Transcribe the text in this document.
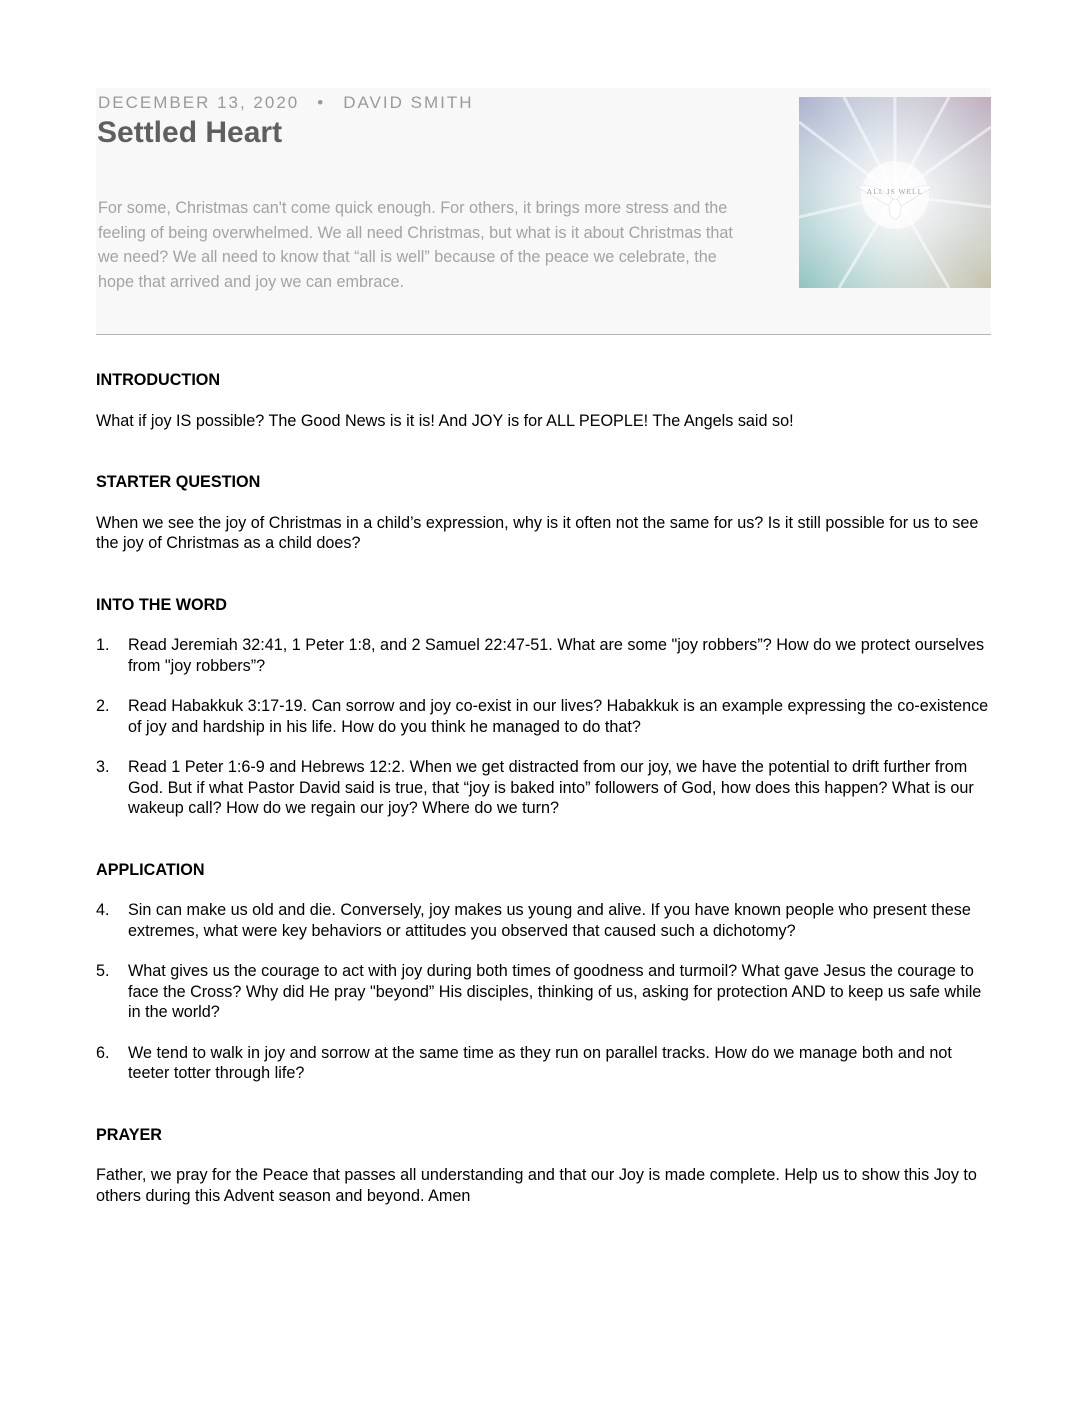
DECEMBER 13, 2020 • DAVID SMITH
Settled Heart

For some, Christmas can't come quick enough. For others, it brings more stress and the feeling of being overwhelmed. We all need Christmas, but what is it about Christmas that we need? We all need to know that “all is well” because of the peace we celebrate, the hope that arrived and joy we can embrace.

ALL IS WELL
INTRODUCTION

What if joy IS possible? The Good News is it is! And JOY is for ALL PEOPLE! The Angels said so!

STARTER QUESTION

When we see the joy of Christmas in a child’s expression, why is it often not the same for us? Is it still possible for us to see the joy of Christmas as a child does?

INTO THE WORD
1. Read Jeremiah 32:41, 1 Peter 1:8, and 2 Samuel 22:47-51. What are some "joy robbers”? How do we protect ourselves from "joy robbers”?
2. Read Habakkuk 3:17-19. Can sorrow and joy co-exist in our lives? Habakkuk is an example expressing the co-existence of joy and hardship in his life. How do you think he managed to do that?
3. Read 1 Peter 1:6-9 and Hebrews 12:2. When we get distracted from our joy, we have the potential to drift further from God. But if what Pastor David said is true, that “joy is baked into” followers of God, how does this happen? What is our wakeup call? How do we regain our joy? Where do we turn?
APPLICATION
4. Sin can make us old and die. Conversely, joy makes us young and alive. If you have known people who present these extremes, what were key behaviors or attitudes you observed that caused such a dichotomy?
5. What gives us the courage to act with joy during both times of goodness and turmoil? What gave Jesus the courage to face the Cross? Why did He pray "beyond” His disciples, thinking of us, asking for protection AND to keep us safe while in the world?
6. We tend to walk in joy and sorrow at the same time as they run on parallel tracks. How do we manage both and not teeter totter through life?
PRAYER

Father, we pray for the Peace that passes all understanding and that our Joy is made complete. Help us to show this Joy to others during this Advent season and beyond. Amen
